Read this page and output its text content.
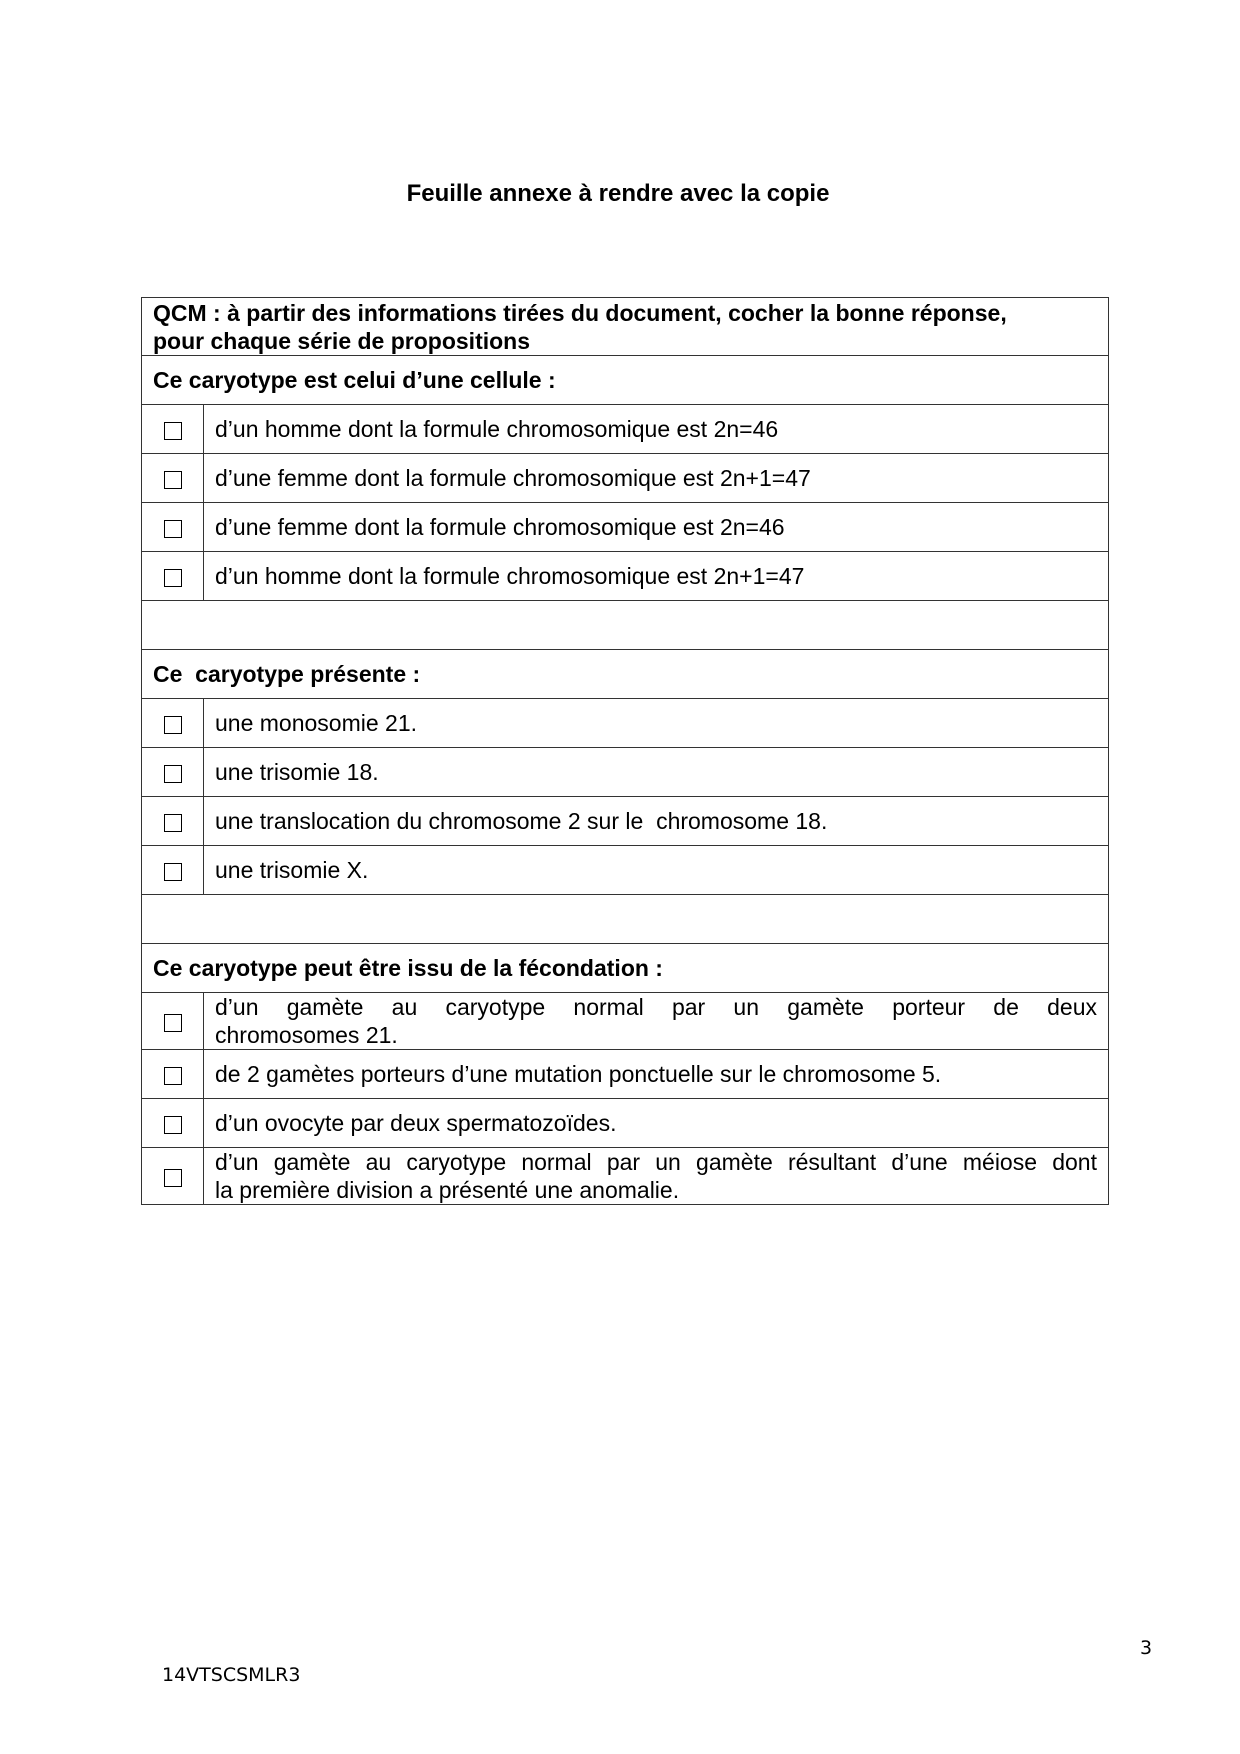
Feuille annexe à rendre avec la copie
QCM : à partir des informations tirées du document, cocher la bonne réponse,
pour chaque série de propositions	
Ce caryotype est celui d’une cellule :	
	d’un homme dont la formule chromosomique est 2n=46
	d’une femme dont la formule chromosomique est 2n+1=47
	d’une femme dont la formule chromosomique est 2n=46
	d’un homme dont la formule chromosomique est 2n+1=47

Ce  caryotype présente :	
	une monosomie 21.
	une trisomie 18.
	une translocation du chromosome 2 sur le  chromosome 18.
	une trisomie X.

Ce caryotype peut être issu de la fécondation :	

	d’un gamète au caryotype normal par un gamète porteur de deux
chromosomes 21.

	de 2 gamètes porteurs d’une mutation ponctuelle sur le chromosome 5.
	d’un ovocyte par deux spermatozoïdes.

	d’un gamète au caryotype normal par un gamète résultant d’une méiose dont
la première division a présenté une anomalie.
3
14VTSCSMLR3
